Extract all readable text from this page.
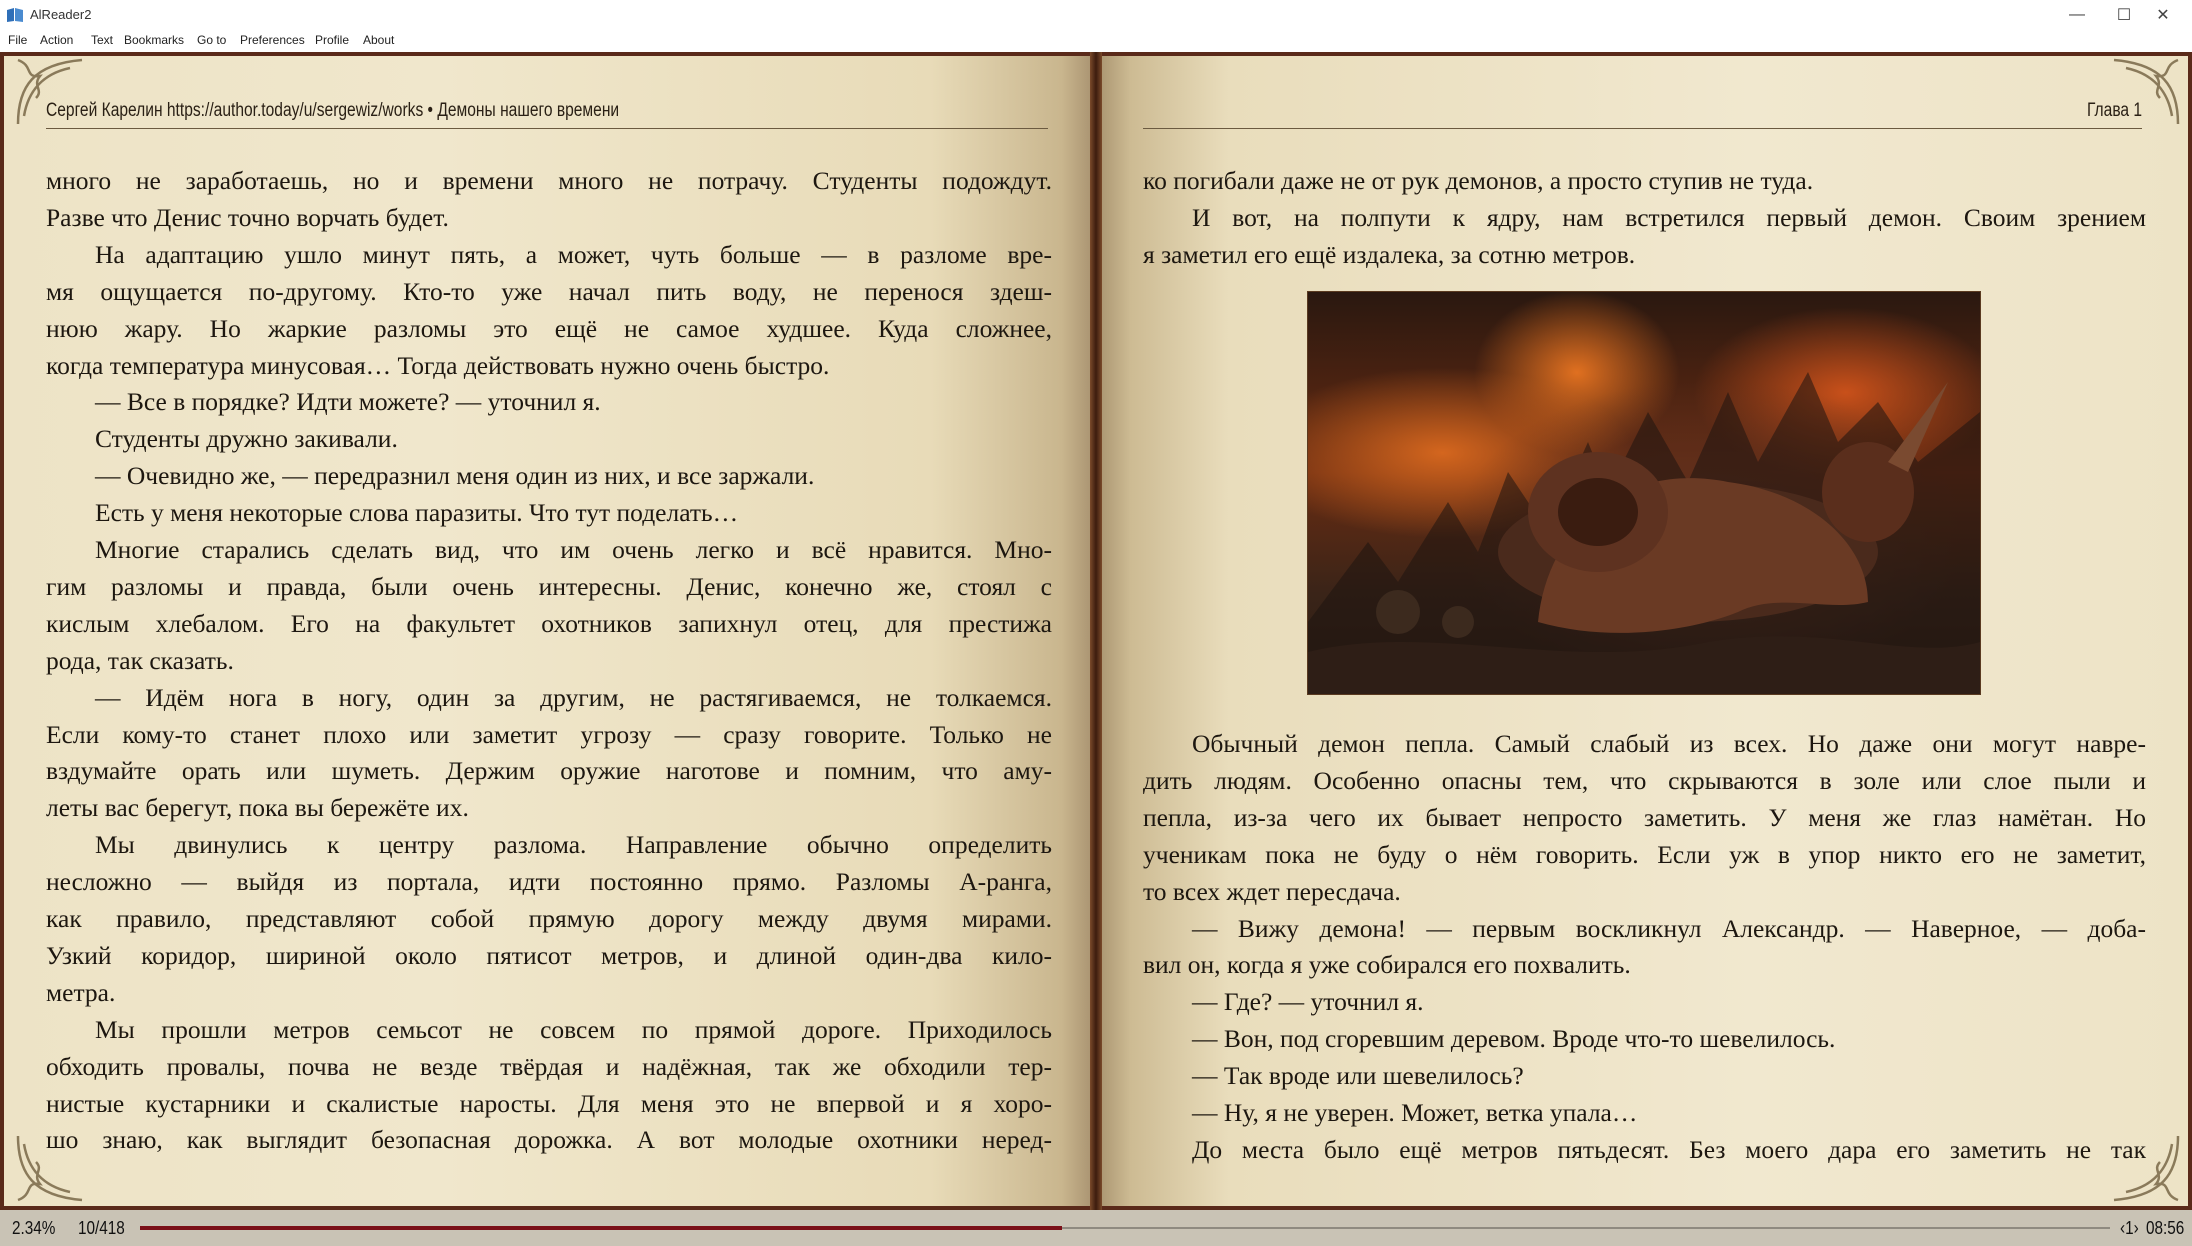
AlReader2	—	☐	✕
File Action Text Bookmarks Go to Preferences Profile About
Сергей Карелин https://author.today/u/sergewiz/works • Демоны нашего времени	Глава 1
много не заработаешь, но и времени много не потрачу. Студенты подождут.
Разве что Денис точно ворчать будет.
На адаптацию ушло минут пять, а может, чуть больше — в разломе вре-
мя ощущается по-другому. Кто-то уже начал пить воду, не перенося здеш-
нюю жару. Но жаркие разломы это ещё не самое худшее. Куда сложнее,
когда температура минусовая… Тогда действовать нужно очень быстро.
— Все в порядке? Идти можете? — уточнил я.
Студенты дружно закивали.
— Очевидно же, — передразнил меня один из них, и все заржали.
Есть у меня некоторые слова паразиты. Что тут поделать…
Многие старались сделать вид, что им очень легко и всё нравится. Мно-
гим разломы и правда, были очень интересны. Денис, конечно же, стоял с
кислым хлебалом. Его на факультет охотников запихнул отец, для престижа
рода, так сказать.
— Идём нога в ногу, один за другим, не растягиваемся, не толкаемся.
Если кому-то станет плохо или заметит угрозу — сразу говорите. Только не
вздумайте орать или шуметь. Держим оружие наготове и помним, что аму-
леты вас берегут, пока вы бережёте их.
Мы двинулись к центру разлома. Направление обычно определить
несложно — выйдя из портала, идти постоянно прямо. Разломы А-ранга,
как правило, представляют собой прямую дорогу между двумя мирами.
Узкий коридор, шириной около пятисот метров, и длиной один-два кило-
метра.
Мы прошли метров семьсот не совсем по прямой дороге. Приходилось
обходить провалы, почва не везде твёрдая и надёжная, так же обходили тер-
нистые кустарники и скалистые наросты. Для меня это не впервой и я хоро-
шо знаю, как выглядит безопасная дорожка. А вот молодые охотники неред-
ко погибали даже не от рук демонов, а просто ступив не туда.
И вот, на полпути к ядру, нам встретился первый демон. Своим зрением
я заметил его ещё издалека, за сотню метров.
Обычный демон пепла. Самый слабый из всех. Но даже они могут навре-
дить людям. Особенно опасны тем, что скрываются в золе или слое пыли и
пепла, из-за чего их бывает непросто заметить. У меня же глаз намётан. Но
ученикам пока не буду о нём говорить. Если уж в упор никто его не заметит,
то всех ждет пересдача.
— Вижу демона! — первым воскликнул Александр. — Наверное, — доба-
вил он, когда я уже собирался его похвалить.
— Где? — уточнил я.
— Вон, под сгоревшим деревом. Вроде что-то шевелилось.
— Так вроде или шевелилось?
— Ну, я не уверен. Может, ветка упала…
До места было ещё метров пятьдесят. Без моего дара его заметить не так
2.34% 10/418	‹1› 08:56
